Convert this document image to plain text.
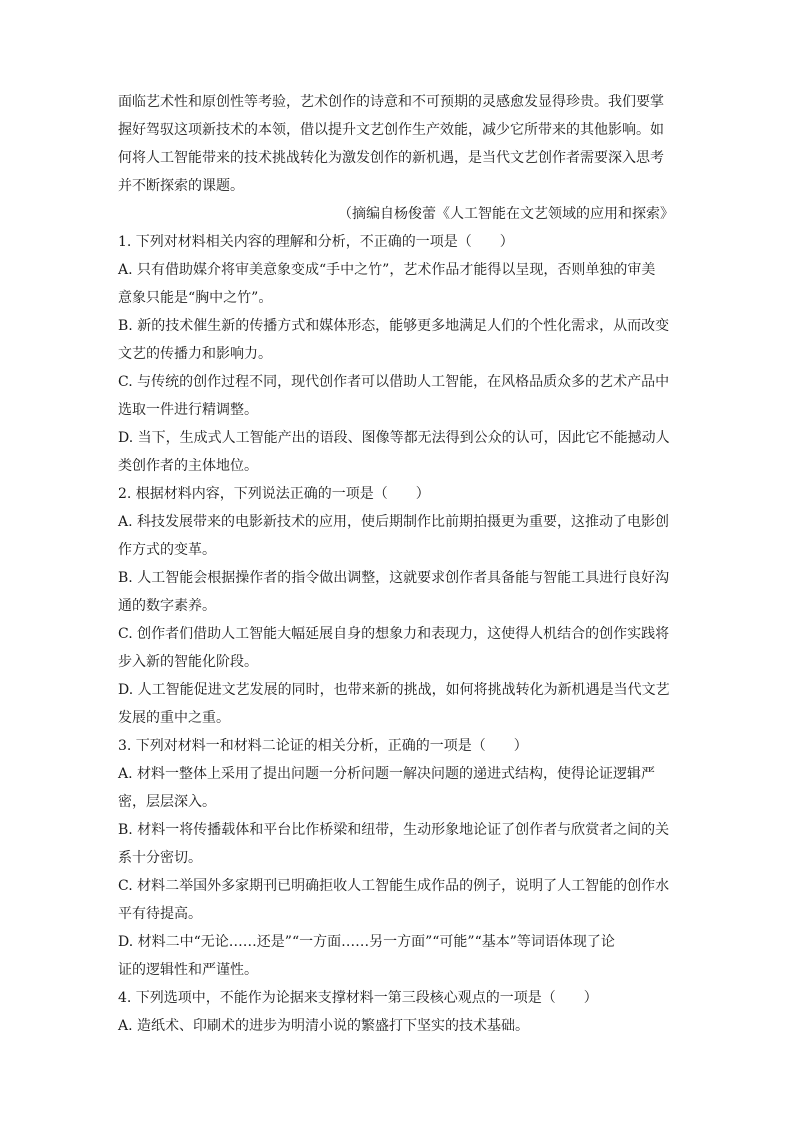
面临艺术性和原创性等考验，艺术创作的诗意和不可预期的灵感愈发显得珍贵。我们要掌
握好驾驭这项新技术的本领，借以提升文艺创作生产效能，减少它所带来的其他影响。如
何将人工智能带来的技术挑战转化为激发创作的新机遇，是当代文艺创作者需要深入思考
并不断探索的课题。

（摘编自杨俊蕾《人工智能在文艺领域的应用和探索》

1. 下列对材料相关内容的理解和分析，不正确的一项是（　　）
A. 只有借助媒介将审美意象变成“手中之竹”，艺术作品才能得以呈现，否则单独的审美
意象只能是“胸中之竹”。
B. 新的技术催生新的传播方式和媒体形态，能够更多地满足人们的个性化需求，从而改变
文艺的传播力和影响力。
C. 与传统的创作过程不同，现代创作者可以借助人工智能，在风格品质众多的艺术产品中
选取一件进行精调整。
D. 当下，生成式人工智能产出的语段、图像等都无法得到公众的认可，因此它不能撼动人
类创作者的主体地位。
2. 根据材料内容，下列说法正确的一项是（　　）
A. 科技发展带来的电影新技术的应用，使后期制作比前期拍摄更为重要，这推动了电影创
作方式的变革。
B. 人工智能会根据操作者的指令做出调整，这就要求创作者具备能与智能工具进行良好沟
通的数字素养。
C. 创作者们借助人工智能大幅延展自身的想象力和表现力，这使得人机结合的创作实践将
步入新的智能化阶段。
D. 人工智能促进文艺发展的同时，也带来新的挑战，如何将挑战转化为新机遇是当代文艺
发展的重中之重。
3. 下列对材料一和材料二论证的相关分析，正确的一项是（　　）
A. 材料一整体上采用了提出问题一分析问题一解决问题的递进式结构，使得论证逻辑严
密，层层深入。
B. 材料一将传播载体和平台比作桥梁和纽带，生动形象地论证了创作者与欣赏者之间的关
系十分密切。
C. 材料二举国外多家期刊已明确拒收人工智能生成作品的例子，说明了人工智能的创作水
平有待提高。
D. 材料二中“无论……还是”“一方面……另一方面”“可能”“基本”等词语体现了论
证的逻辑性和严谨性。
4. 下列选项中，不能作为论据来支撑材料一第三段核心观点的一项是（　　）
A. 造纸术、印刷术的进步为明清小说的繁盛打下坚实的技术基础。
